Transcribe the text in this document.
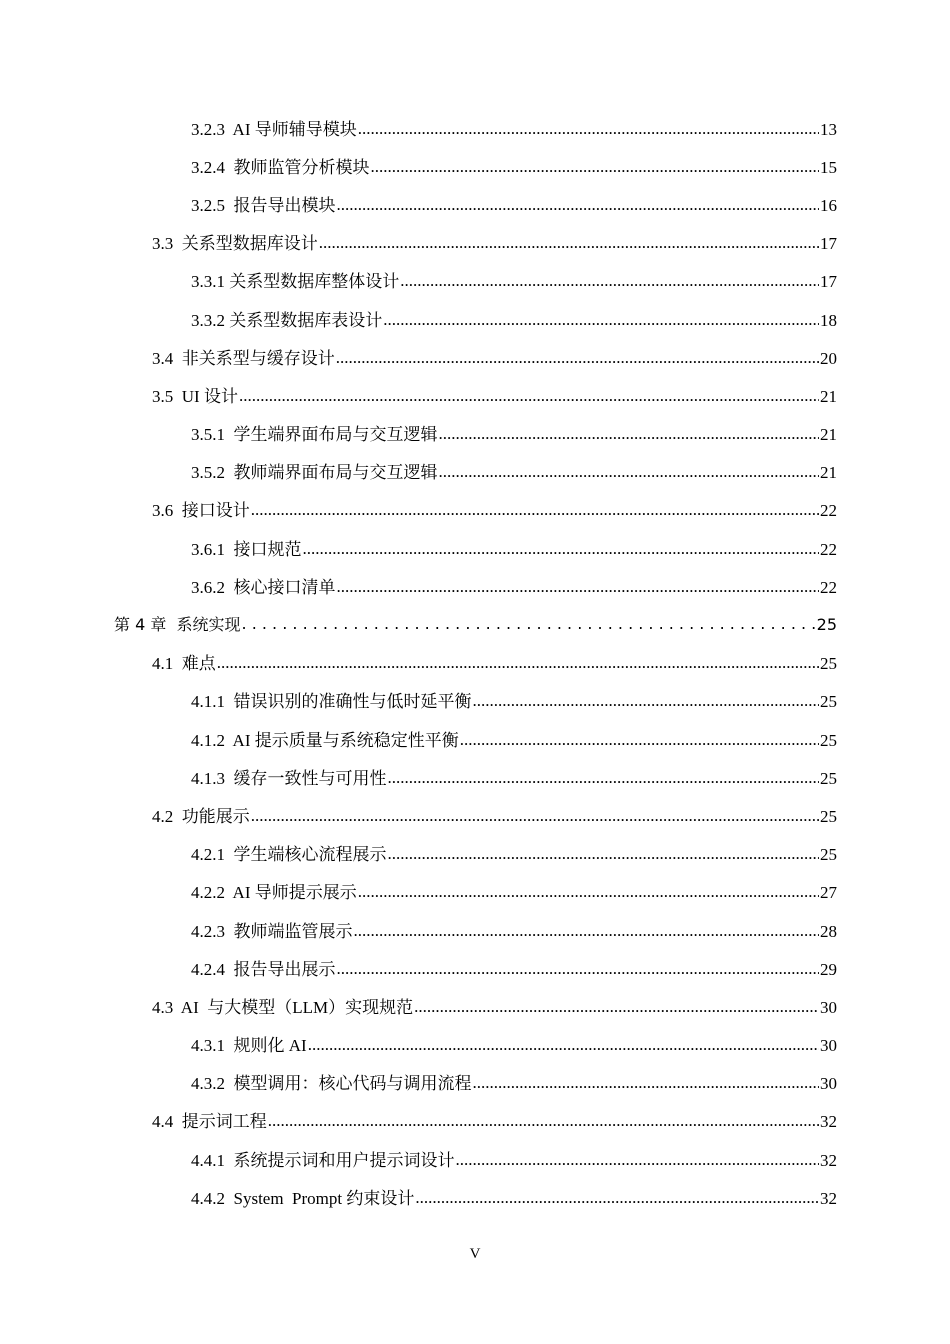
3.2.3  AI 导师辅导模块 .....	13
3.2.4  教师监管分析模块 .....	15
3.2.5  报告导出模块 .....	16
3.3  关系型数据库设计 .....	17
3.3.1 关系型数据库整体设计 .....	17
3.3.2 关系型数据库表设计 .....	18
3.4  非关系型与缓存设计 .....	20
3.5  UI 设计 .....	21
3.5.1  学生端界面布局与交互逻辑 .....	21
3.5.2  教师端界面布局与交互逻辑 .....	21
3.6  接口设计 .....	22
3.6.1  接口规范 .....	22
3.6.2  核心接口清单 .....	22
第 4 章  系统实现 . . .	25
4.1  难点 .....	25
4.1.1  错误识别的准确性与低时延平衡 .....	25
4.1.2  AI 提示质量与系统稳定性平衡 .....	25
4.1.3  缓存一致性与可用性 .....	25
4.2  功能展示 .....	25
4.2.1  学生端核心流程展示 .....	25
4.2.2  AI 导师提示展示 .....	27
4.2.3  教师端监管展示 .....	28
4.2.4  报告导出展示 .....	29
4.3  AI  与大模型（LLM）实现规范 .....	30
4.3.1  规则化 AI .....	30
4.3.2  模型调用：核心代码与调用流程 .....	30
4.4  提示词工程 .....	32
4.4.1  系统提示词和用户提示词设计 .....	32
4.4.2  System  Prompt 约束设计 .....	32
V
